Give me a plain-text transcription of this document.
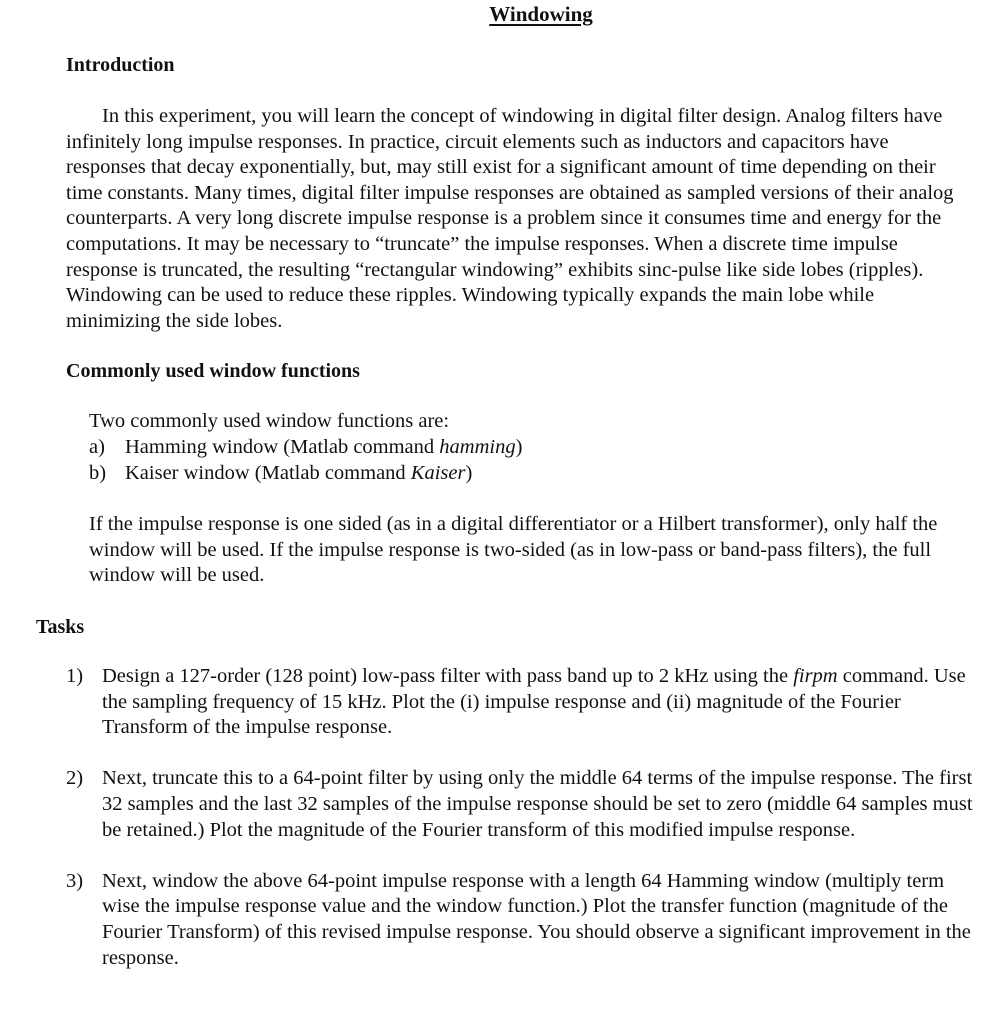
Windowing
Introduction

In this experiment, you will learn the concept of windowing in digital filter design. Analog filters have infinitely long impulse responses. In practice, circuit elements such as inductors and capacitors have responses that decay exponentially, but, may still exist for a significant amount of time depending on their time constants. Many times, digital filter impulse responses are obtained as sampled versions of their analog counterparts. A very long discrete impulse response is a problem since it consumes time and energy for the computations. It may be necessary to “truncate” the impulse responses. When a discrete time impulse response is truncated, the resulting “rectangular windowing” exhibits sinc-pulse like side lobes (ripples). Windowing can be used to reduce these ripples. Windowing typically expands the main lobe while minimizing the side lobes.

Commonly used window functions
Two commonly used window functions are:
a) Hamming window (Matlab command hamming)
b) Kaiser window (Matlab command Kaiser)

If the impulse response is one sided (as in a digital differentiator or a Hilbert transformer), only half the window will be used. If the impulse response is two-sided (as in low-pass or band-pass filters), the full window will be used.

Tasks
1) Design a 127-order (128 point) low-pass filter with pass band up to 2 kHz using the firpm command. Use the sampling frequency of 15 kHz. Plot the (i) impulse response and (ii) magnitude of the Fourier Transform of the impulse response.
2) Next, truncate this to a 64-point filter by using only the middle 64 terms of the impulse response. The first 32 samples and the last 32 samples of the impulse response should be set to zero (middle 64 samples must be retained.) Plot the magnitude of the Fourier transform of this modified impulse response.
3) Next, window the above 64-point impulse response with a length 64 Hamming window (multiply term wise the impulse response value and the window function.) Plot the transfer function (magnitude of the Fourier Transform) of this revised impulse response. You should observe a significant improvement in the response.
